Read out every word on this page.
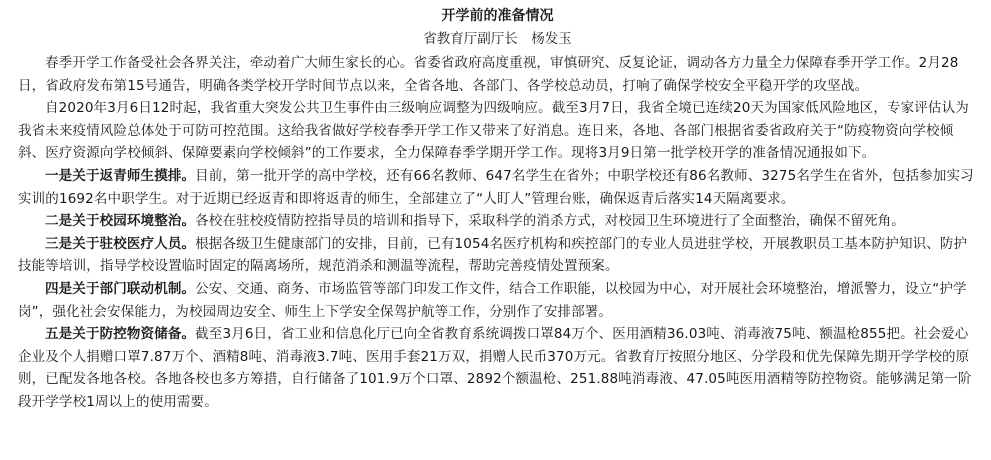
开学前的准备情况
省教育厅副厅长　杨发玉

春季开学工作备受社会各界关注，牵动着广大师生家长的心。省委省政府高度重视，审慎研究、反复论证，调动各方力量全力保障春季开学工作。2月28日，省政府发布第15号通告，明确各类学校开学时间节点以来，全省各地、各部门、各学校总动员，打响了确保学校安全平稳开学的攻坚战。

自2020年3月6日12时起，我省重大突发公共卫生事件由三级响应调整为四级响应。截至3月7日，我省全境已连续20天为国家低风险地区，专家评估认为我省未来疫情风险总体处于可防可控范围。这给我省做好学校春季开学工作又带来了好消息。连日来，各地、各部门根据省委省政府关于“防疫物资向学校倾斜、医疗资源向学校倾斜、保障要素向学校倾斜”的工作要求，全力保障春季学期开学工作。现将3月9日第一批学校开学的准备情况通报如下。

一是关于返青师生摸排。目前，第一批开学的高中学校，还有66名教师、647名学生在省外；中职学校还有86名教师、3275名学生在省外，包括参加实习实训的1692名中职学生。对于近期已经返青和即将返青的师生，全部建立了“人盯人”管理台账，确保返青后落实14天隔离要求。

二是关于校园环境整治。各校在驻校疫情防控指导员的培训和指导下，采取科学的消杀方式，对校园卫生环境进行了全面整治，确保不留死角。

三是关于驻校医疗人员。根据各级卫生健康部门的安排，目前，已有1054名医疗机构和疾控部门的专业人员进驻学校，开展教职员工基本防护知识、防护技能等培训，指导学校设置临时固定的隔离场所，规范消杀和测温等流程，帮助完善疫情处置预案。

四是关于部门联动机制。公安、交通、商务、市场监管等部门印发工作文件，结合工作职能，以校园为中心，对开展社会环境整治，增派警力，设立“护学岗”，强化社会安保能力，为校园周边安全、师生上下学安全保驾护航等工作，分别作了安排部署。

五是关于防控物资储备。截至3月6日，省工业和信息化厅已向全省教育系统调拨口罩84万个、医用酒精36.03吨、消毒液75吨、额温枪855把。社会爱心企业及个人捐赠口罩7.87万个、酒精8吨、消毒液3.7吨、医用手套21万双，捐赠人民币370万元。省教育厅按照分地区、分学段和优先保障先期开学学校的原则，已配发各地各校。各地各校也多方筹措，自行储备了101.9万个口罩、2892个额温枪、251.88吨消毒液、47.05吨医用酒精等防控物资。能够满足第一阶段开学学校1周以上的使用需要。
